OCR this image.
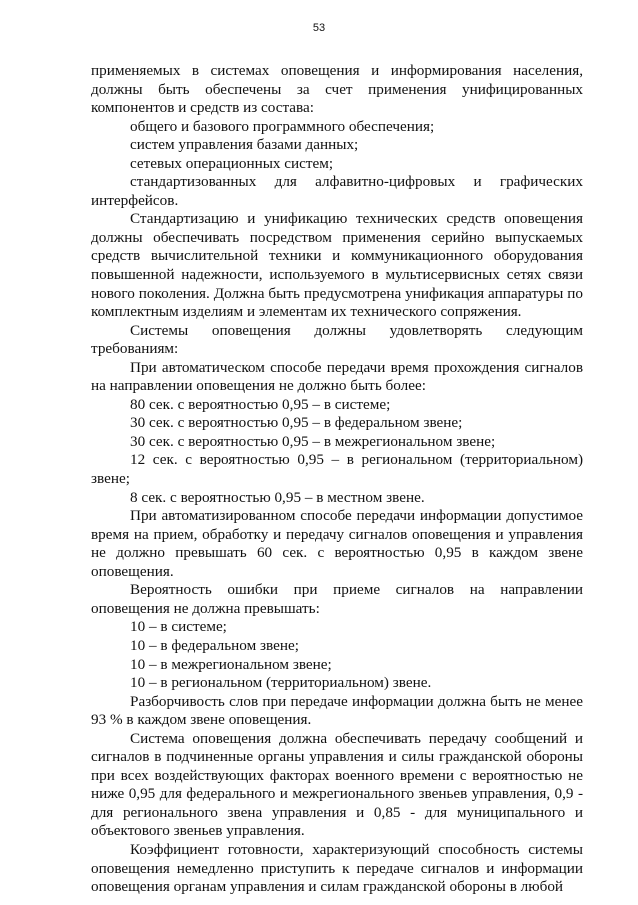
53

применяемых в системах оповещения и информирования населения, должны быть обеспечены за счет применения унифицированных компонентов и средств из состава:

общего и базового программного обеспечения;

систем управления базами данных;

сетевых операционных систем;

стандартизованных для алфавитно-цифровых и графических интерфейсов.

Стандартизацию и унификацию технических средств оповещения должны обеспечивать посредством применения серийно выпускаемых средств вычислительной техники и коммуникационного оборудования повышенной надежности, используемого в мультисервисных сетях связи нового поколения. Должна быть предусмотрена унификация аппаратуры по комплектным изделиям и элементам их технического сопряжения.

Системы оповещения должны удовлетворять следующим требованиям:

При автоматическом способе передачи время прохождения сигналов на направлении оповещения не должно быть более:

80 сек. с вероятностью 0,95 – в системе;

30 сек. с вероятностью 0,95 – в федеральном звене;

30 сек. с вероятностью 0,95 – в межрегиональном звене;

12 сек. с вероятностью 0,95 – в региональном (территориальном) звене;

8 сек. с вероятностью 0,95 – в местном звене.

При автоматизированном способе передачи информации допустимое время на прием, обработку и передачу сигналов оповещения и управления не должно превышать 60 сек. с вероятностью 0,95 в каждом звене оповещения.

Вероятность ошибки при приеме сигналов на направлении оповещения не должна превышать:

10 – в системе;

10 – в федеральном звене;

10 – в межрегиональном звене;

10 – в региональном (территориальном) звене.

Разборчивость слов при передаче информации должна быть не менее 93 % в каждом звене оповещения.

Система оповещения должна обеспечивать передачу сообщений и сигналов в подчиненные органы управления и силы гражданской обороны при всех воздействующих факторах военного времени с вероятностью не ниже 0,95 для федерального и межрегионального звеньев управления, 0,9 - для регионального звена управления и 0,85 - для муниципального и объектового звеньев управления.

Коэффициент готовности, характеризующий способность системы оповещения немедленно приступить к передаче сигналов и информации оповещения органам управления и силам гражданской обороны в любой
